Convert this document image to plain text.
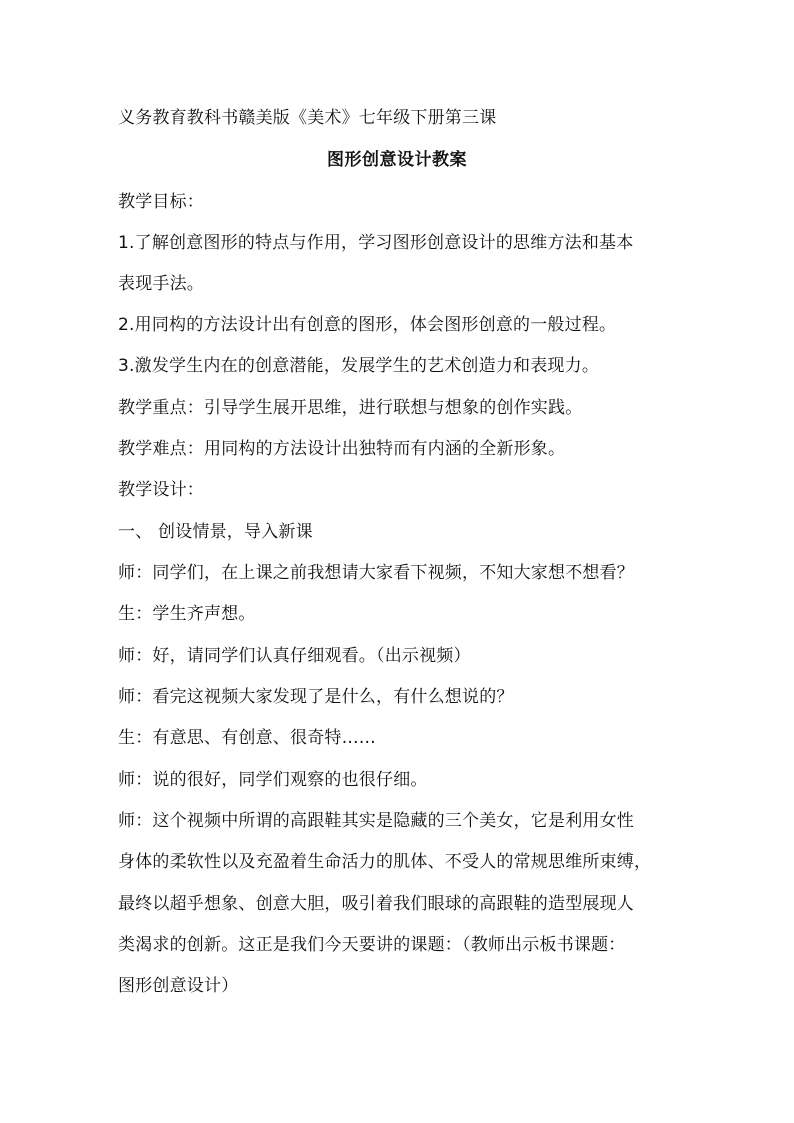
义务教育教科书赣美版《美术》七年级下册第三课
图形创意设计教案
教学目标：
1.了解创意图形的特点与作用，学习图形创意设计的思维方法和基本
表现手法。
2.用同构的方法设计出有创意的图形，体会图形创意的一般过程。
3.激发学生内在的创意潜能，发展学生的艺术创造力和表现力。
教学重点：引导学生展开思维，进行联想与想象的创作实践。
教学难点：用同构的方法设计出独特而有内涵的全新形象。
教学设计：
一、 创设情景，导入新课
师：同学们，在上课之前我想请大家看下视频，不知大家想不想看？
生：学生齐声想。
师：好，请同学们认真仔细观看。（出示视频）
师：看完这视频大家发现了是什么，有什么想说的？
生：有意思、有创意、很奇特……
师：说的很好，同学们观察的也很仔细。
师：这个视频中所谓的高跟鞋其实是隐藏的三个美女，它是利用女性
身体的柔软性以及充盈着生命活力的肌体、不受人的常规思维所束缚，
最终以超乎想象、创意大胆，吸引着我们眼球的高跟鞋的造型展现人
类渴求的创新。这正是我们今天要讲的课题：（教师出示板书课题：
图形创意设计）
